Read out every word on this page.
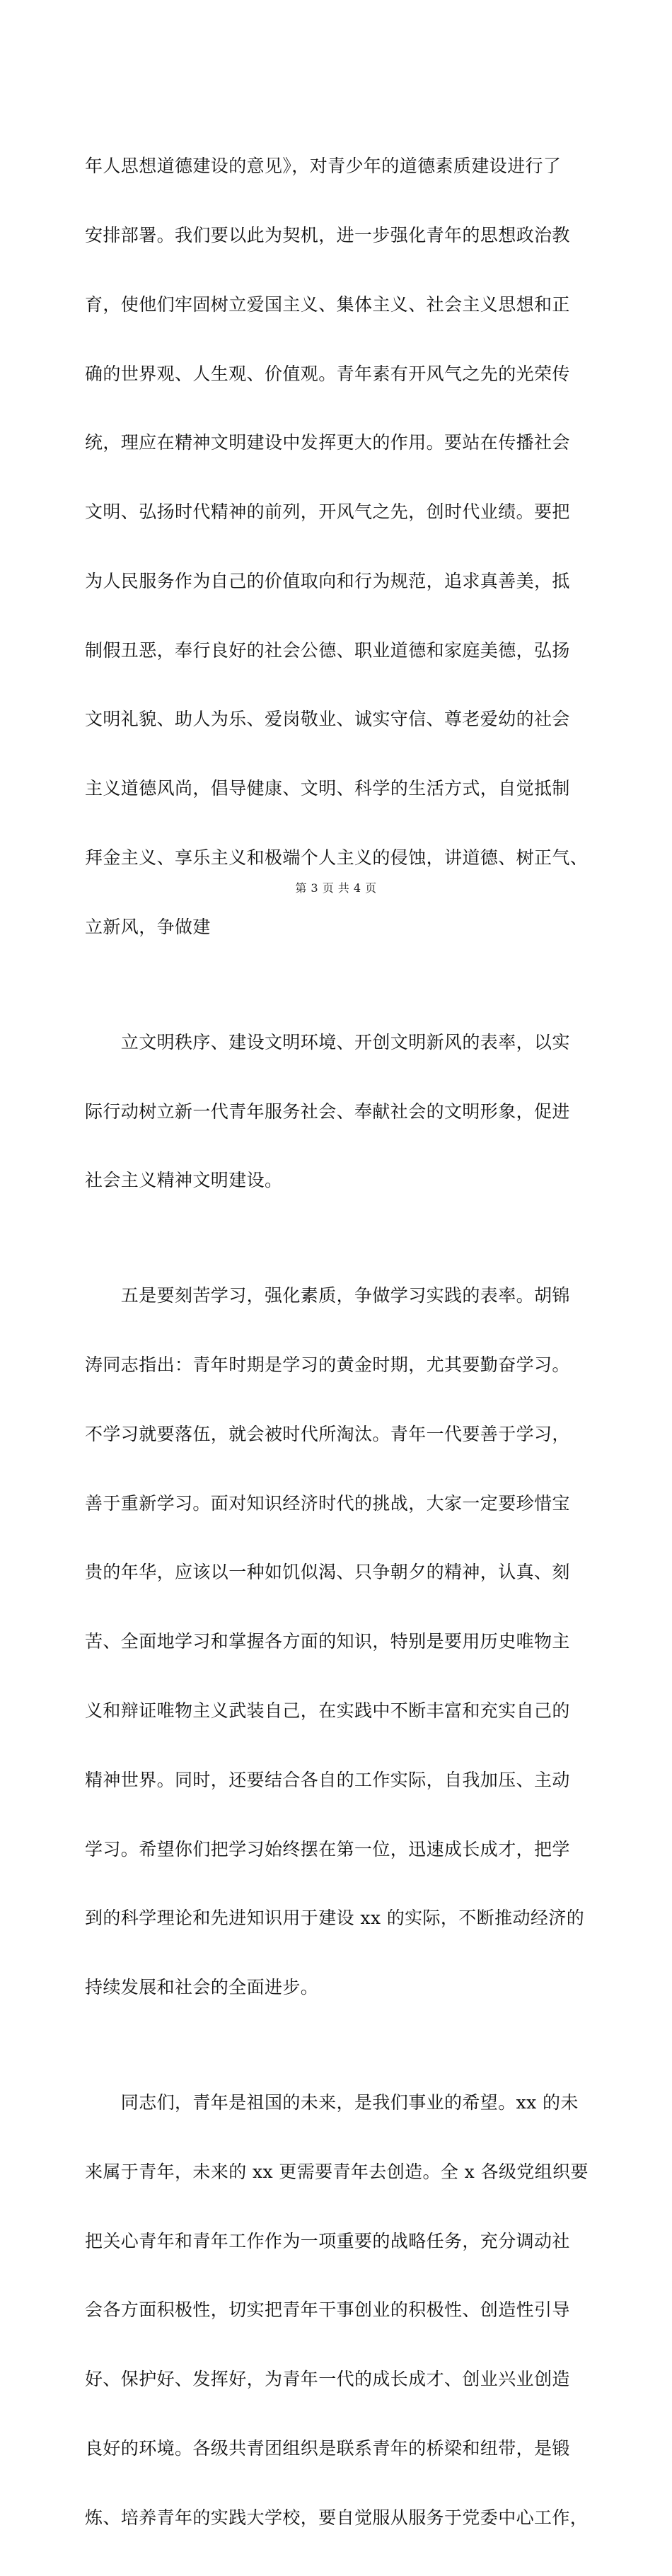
年人思想道德建设的意见》，对青少年的道德素质建设进行了

安排部署。我们要以此为契机，进一步强化青年的思想政治教

育，使他们牢固树立爱国主义、集体主义、社会主义思想和正

确的世界观、人生观、价值观。青年素有开风气之先的光荣传

统，理应在精神文明建设中发挥更大的作用。要站在传播社会

文明、弘扬时代精神的前列，开风气之先，创时代业绩。要把

为人民服务作为自己的价值取向和行为规范，追求真善美，抵

制假丑恶，奉行良好的社会公德、职业道德和家庭美德，弘扬

文明礼貌、助人为乐、爱岗敬业、诚实守信、尊老爱幼的社会

主义道德风尚，倡导健康、文明、科学的生活方式，自觉抵制

拜金主义、享乐主义和极端个人主义的侵蚀，讲道德、树正气、

立新风，争做建

　　立文明秩序、建设文明环境、开创文明新风的表率，以实

际行动树立新一代青年服务社会、奉献社会的文明形象，促进

社会主义精神文明建设。

　　五是要刻苦学习，强化素质，争做学习实践的表率。胡锦

涛同志指出：青年时期是学习的黄金时期，尤其要勤奋学习。

不学习就要落伍，就会被时代所淘汰。青年一代要善于学习，

善于重新学习。面对知识经济时代的挑战，大家一定要珍惜宝

贵的年华，应该以一种如饥似渴、只争朝夕的精神，认真、刻

苦、全面地学习和掌握各方面的知识，特别是要用历史唯物主

义和辩证唯物主义武装自己，在实践中不断丰富和充实自己的

精神世界。同时，还要结合各自的工作实际，自我加压、主动

学习。希望你们把学习始终摆在第一位，迅速成长成才，把学

到的科学理论和先进知识用于建设 xx 的实际，不断推动经济的

持续发展和社会的全面进步。

　　同志们，青年是祖国的未来，是我们事业的希望。xx 的未

来属于青年，未来的 xx 更需要青年去创造。全 x 各级党组织要

把关心青年和青年工作作为一项重要的战略任务，充分调动社

会各方面积极性，切实把青年干事创业的积极性、创造性引导

好、保护好、发挥好，为青年一代的成长成才、创业兴业创造

良好的环境。各级共青团组织是联系青年的桥梁和纽带，是锻

炼、培养青年的实践大学校，要自觉服从服务于党委中心工作，

第 3 页 共 4 页
